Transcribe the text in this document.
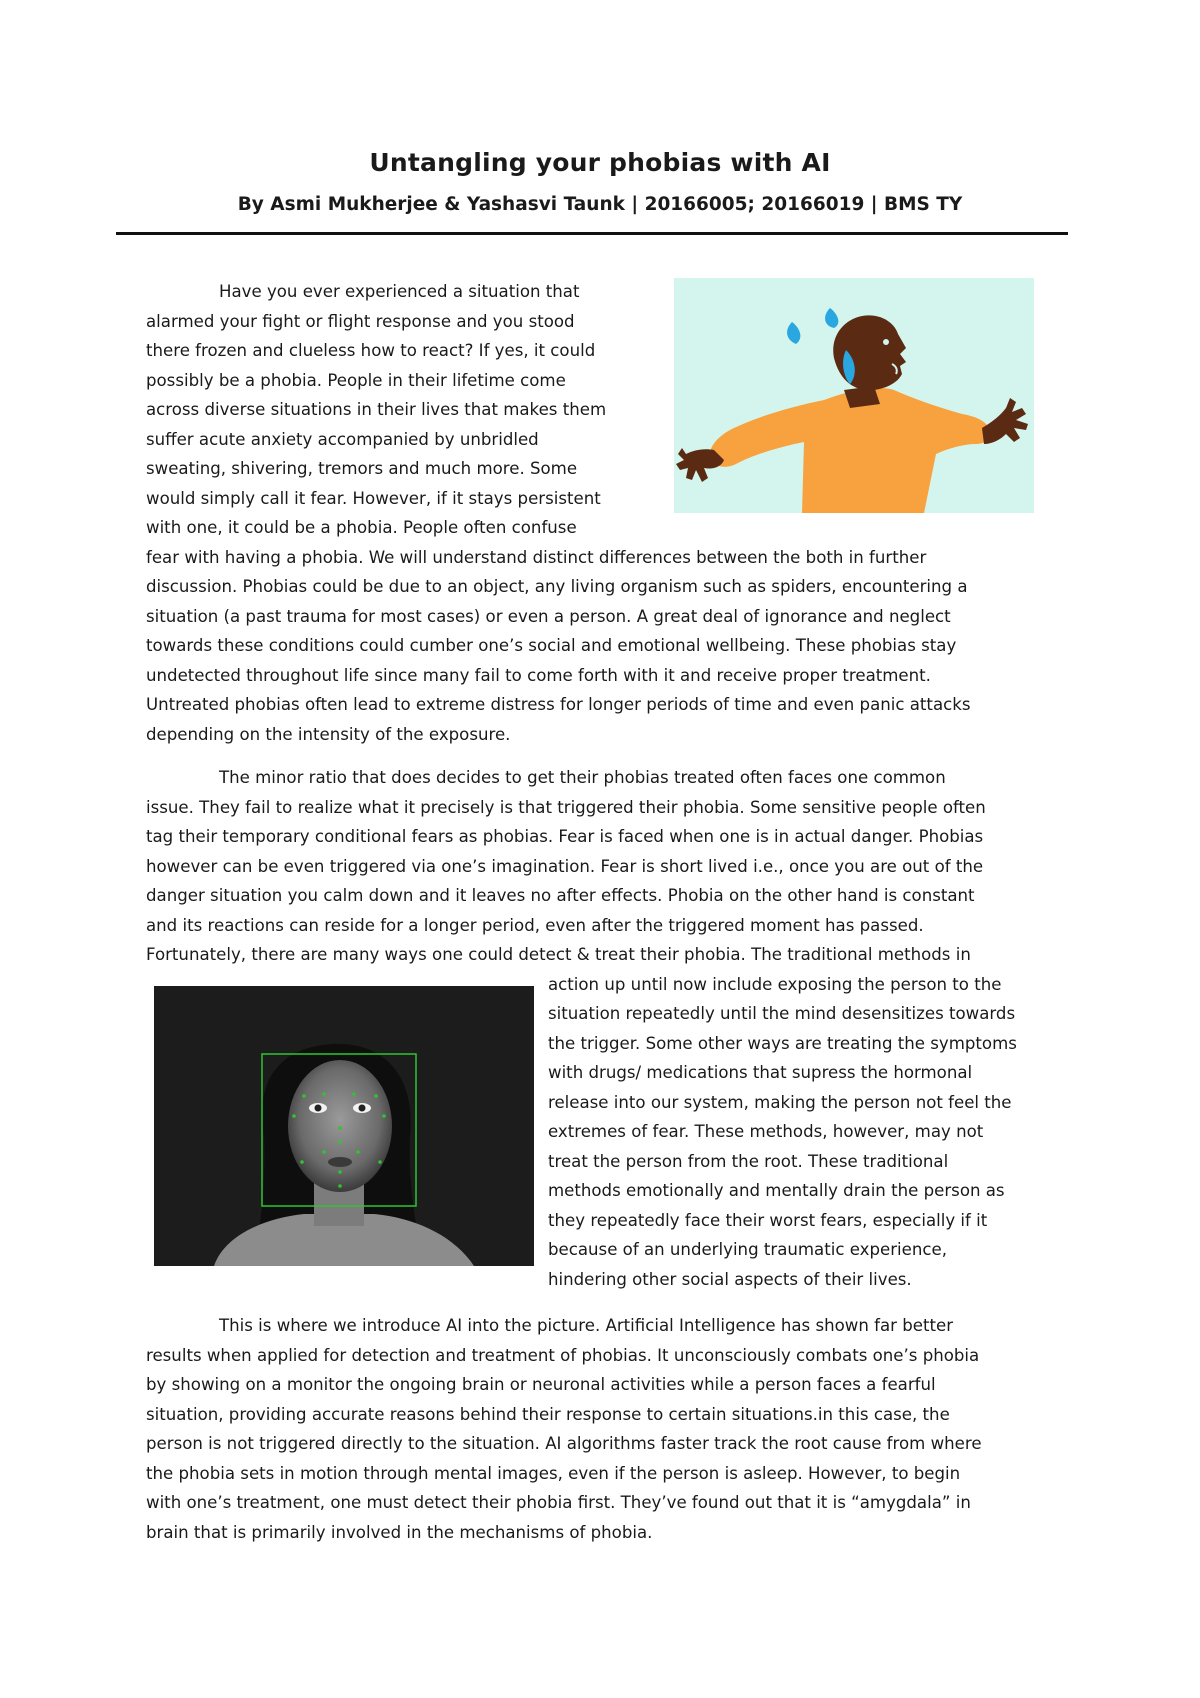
Untangling your phobias with AI
By Asmi Mukherjee & Yashasvi Taunk | 20166005; 20166019 | BMS TY
Have you ever experienced a situation that
alarmed your fight or flight response and you stood
there frozen and clueless how to react? If yes, it could
possibly be a phobia. People in their lifetime come
across diverse situations in their lives that makes them
suffer acute anxiety accompanied by unbridled
sweating, shivering, tremors and much more. Some
would simply call it fear. However, if it stays persistent
with one, it could be a phobia. People often confuse
fear with having a phobia. We will understand distinct differences between the both in further
discussion. Phobias could be due to an object, any living organism such as spiders, encountering a
situation (a past trauma for most cases) or even a person. A great deal of ignorance and neglect
towards these conditions could cumber one’s social and emotional wellbeing. These phobias stay
undetected throughout life since many fail to come forth with it and receive proper treatment.
Untreated phobias often lead to extreme distress for longer periods of time and even panic attacks
depending on the intensity of the exposure.
The minor ratio that does decides to get their phobias treated often faces one common
issue. They fail to realize what it precisely is that triggered their phobia. Some sensitive people often
tag their temporary conditional fears as phobias. Fear is faced when one is in actual danger. Phobias
however can be even triggered via one’s imagination. Fear is short lived i.e., once you are out of the
danger situation you calm down and it leaves no after effects. Phobia on the other hand is constant
and its reactions can reside for a longer period, even after the triggered moment has passed.
Fortunately, there are many ways one could detect & treat their phobia. The traditional methods in
action up until now include exposing the person to the
situation repeatedly until the mind desensitizes towards
the trigger. Some other ways are treating the symptoms
with drugs/ medications that supress the hormonal
release into our system, making the person not feel the
extremes of fear. These methods, however, may not
treat the person from the root. These traditional
methods emotionally and mentally drain the person as
they repeatedly face their worst fears, especially if it
because of an underlying traumatic experience,
hindering other social aspects of their lives.
This is where we introduce AI into the picture. Artificial Intelligence has shown far better
results when applied for detection and treatment of phobias. It unconsciously combats one’s phobia
by showing on a monitor the ongoing brain or neuronal activities while a person faces a fearful
situation, providing accurate reasons behind their response to certain situations.in this case, the
person is not triggered directly to the situation. AI algorithms faster track the root cause from where
the phobia sets in motion through mental images, even if the person is asleep. However, to begin
with one’s treatment, one must detect their phobia first. They’ve found out that it is “amygdala” in
brain that is primarily involved in the mechanisms of phobia.
